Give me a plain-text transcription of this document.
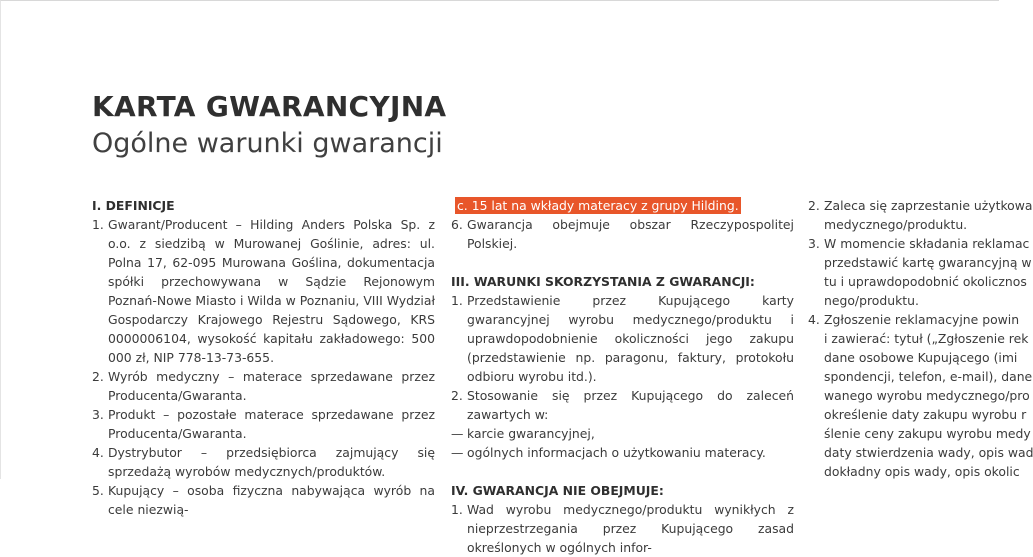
KARTA GWARANCYJNA
Ogólne warunki gwarancji

I. DEFINICJE

1. Gwarant/Producent – Hilding Anders Polska Sp. z o.o. z siedzibą w Murowanej Goślinie, adres: ul. Polna 17, 62-095 Murowana Goślina, dokumentacja spółki przechowywana w Sądzie Rejonowym Poznań-Nowe Miasto i Wilda w Poznaniu, VIII Wydział Gospodarczy Krajowego Rejestru Sądowego, KRS 0000006104, wysokość kapitału zakładowego: 500 000 zł, NIP 778-13-73-655.
2. Wyrób medyczny – materace sprzedawane przez Producenta/Gwaranta.
3. Produkt – pozostałe materace sprzedawane przez Producenta/Gwaranta.
4. Dystrybutor – przedsiębiorca zajmujący się sprzedażą wyrobów medycznych/produktów.
5. Kupujący – osoba fizyczna nabywająca wyrób na cele niezwią-
c. 15 lat na wkłady materacy z grupy Hilding.
6. Gwarancja obejmuje obszar Rzeczypospolitej Polskiej.

III. WARUNKI SKORZYSTANIA Z GWARANCJI:

1. Przedstawienie przez Kupującego karty gwarancyjnej wyrobu medycznego/produktu i uprawdopodobnienie okoliczności jego zakupu (przedstawienie np. paragonu, faktury, protokołu odbioru wyrobu itd.).
2. Stosowanie się przez Kupującego do zaleceń zawartych w:
— karcie gwarancyjnej,
— ogólnych informacjach o użytkowaniu materacy.

IV. GWARANCJA NIE OBEJMUJE:

1. Wad wyrobu medycznego/produktu wynikłych z nieprzestrzegania przez Kupującego zasad określonych w ogólnych infor-
2. Zaleca się zaprzestanie użytkowa
medycznego/produktu.
3. W momencie składania reklamac
przedstawić kartę gwarancyjną w
tu i uprawdopodobnić okolicznos
nego/produktu.
4. Zgłoszenie reklamacyjne powin
i zawierać: tytuł („Zgłoszenie rek
dane osobowe Kupującego (imi
spondencji, telefon, e-mail), dane
wanego wyrobu medycznego/pro
określenie daty zakupu wyrobu r
ślenie ceny zakupu wyrobu medy
daty stwierdzenia wady, opis wad
dokładny opis wady, opis okolic
